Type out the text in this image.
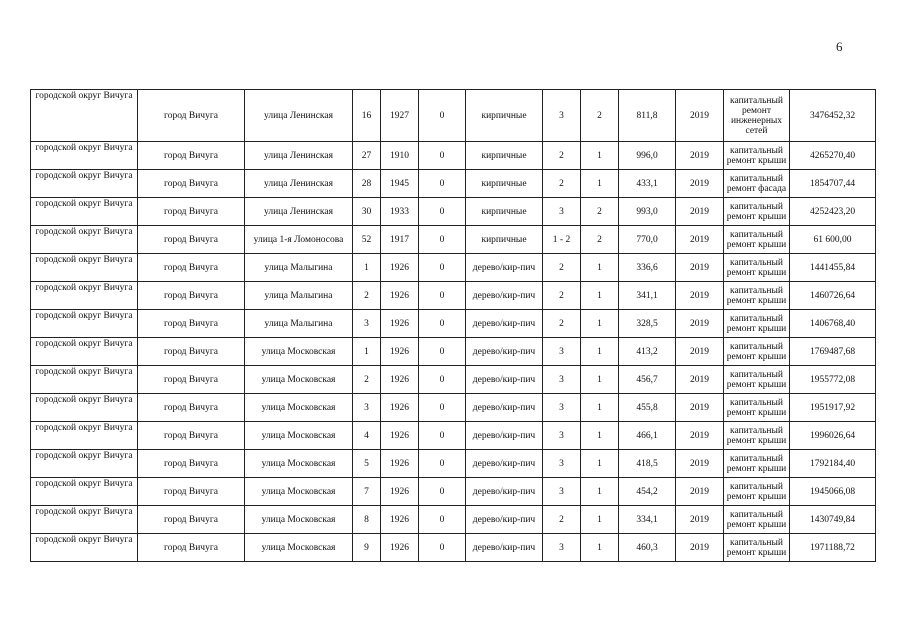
6
городской округ Вичуга	город Вичуга	улица Ленинская	16	1927	0	кирпичные	3	2	811,8	2019	капитальный ремонт инженерных сетей	3476452,32
городской округ Вичуга	город Вичуга	улица Ленинская	27	1910	0	кирпичные	2	1	996,0	2019	капитальный ремонт крыши	4265270,40
городской округ Вичуга	город Вичуга	улица Ленинская	28	1945	0	кирпичные	2	1	433,1	2019	капитальный ремонт фасада	1854707,44
городской округ Вичуга	город Вичуга	улица Ленинская	30	1933	0	кирпичные	3	2	993,0	2019	капитальный ремонт крыши	4252423,20
городской округ Вичуга	город Вичуга	улица 1-я Ломоносова	52	1917	0	кирпичные	1 - 2	2	770,0	2019	капитальный ремонт крыши	61 600,00
городской округ Вичуга	город Вичуга	улица Малыгина	1	1926	0	дерево/кир-пич	2	1	336,6	2019	капитальный ремонт крыши	1441455,84
городской округ Вичуга	город Вичуга	улица Малыгина	2	1926	0	дерево/кир-пич	2	1	341,1	2019	капитальный ремонт крыши	1460726,64
городской округ Вичуга	город Вичуга	улица Малыгина	3	1926	0	дерево/кир-пич	2	1	328,5	2019	капитальный ремонт крыши	1406768,40
городской округ Вичуга	город Вичуга	улица Московская	1	1926	0	дерево/кир-пич	3	1	413,2	2019	капитальный ремонт крыши	1769487,68
городской округ Вичуга	город Вичуга	улица Московская	2	1926	0	дерево/кир-пич	3	1	456,7	2019	капитальный ремонт крыши	1955772,08
городской округ Вичуга	город Вичуга	улица Московская	3	1926	0	дерево/кир-пич	3	1	455,8	2019	капитальный ремонт крыши	1951917,92
городской округ Вичуга	город Вичуга	улица Московская	4	1926	0	дерево/кир-пич	3	1	466,1	2019	капитальный ремонт крыши	1996026,64
городской округ Вичуга	город Вичуга	улица Московская	5	1926	0	дерево/кир-пич	3	1	418,5	2019	капитальный ремонт крыши	1792184,40
городской округ Вичуга	город Вичуга	улица Московская	7	1926	0	дерево/кир-пич	3	1	454,2	2019	капитальный ремонт крыши	1945066,08
городской округ Вичуга	город Вичуга	улица Московская	8	1926	0	дерево/кир-пич	2	1	334,1	2019	капитальный ремонт крыши	1430749,84
городской округ Вичуга	город Вичуга	улица Московская	9	1926	0	дерево/кир-пич	3	1	460,3	2019	капитальный ремонт крыши	1971188,72
